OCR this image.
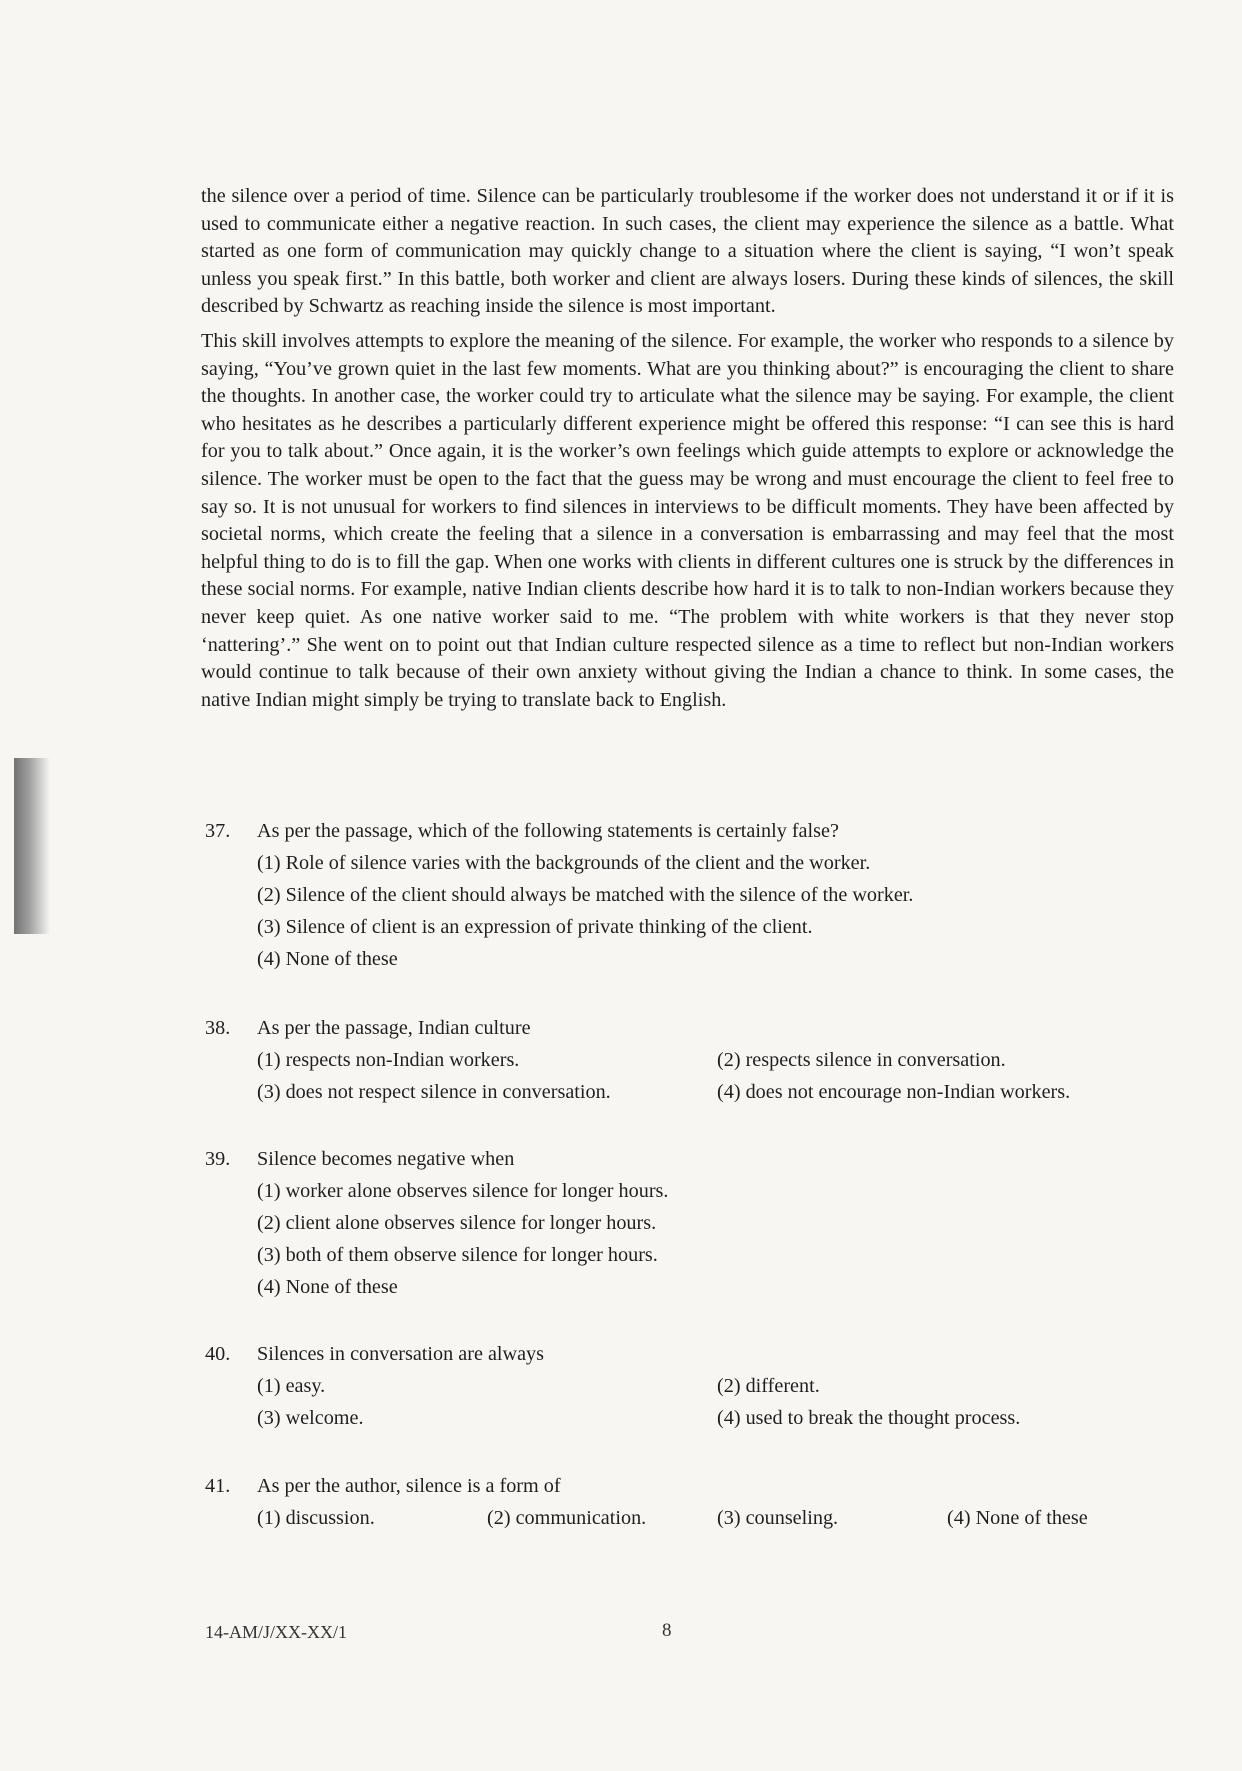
the silence over a period of time. Silence can be particularly troublesome if the worker does not understand it or if it is used to communicate either a negative reaction. In such cases, the client may experience the silence as a battle. What started as one form of communication may quickly change to a situation where the client is saying, “I won’t speak unless you speak first.” In this battle, both worker and client are always losers. During these kinds of silences, the skill described by Schwartz as reaching inside the silence is most important.

This skill involves attempts to explore the meaning of the silence. For example, the worker who responds to a silence by saying, “You’ve grown quiet in the last few moments. What are you thinking about?” is encouraging the client to share the thoughts. In another case, the worker could try to articulate what the silence may be saying. For example, the client who hesitates as he describes a particularly different experience might be offered this response: “I can see this is hard for you to talk about.” Once again, it is the worker’s own feelings which guide attempts to explore or acknowledge the silence. The worker must be open to the fact that the guess may be wrong and must encourage the client to feel free to say so. It is not unusual for workers to find silences in interviews to be difficult moments. They have been affected by societal norms, which create the feeling that a silence in a conversation is embarrassing and may feel that the most helpful thing to do is to fill the gap. When one works with clients in different cultures one is struck by the differences in these social norms. For example, native Indian clients describe how hard it is to talk to non-Indian workers because they never keep quiet. As one native worker said to me. “The problem with white workers is that they never stop ‘nattering’.” She went on to point out that Indian culture respected silence as a time to reflect but non-Indian workers would continue to talk because of their own anxiety without giving the Indian a chance to think. In some cases, the native Indian might simply be trying to translate back to English.

37.	As per the passage, which of the following statements is certainly false?
(1) Role of silence varies with the backgrounds of the client and the worker.
(2) Silence of the client should always be matched with the silence of the worker.
(3) Silence of client is an expression of private thinking of the client.
(4) None of these
38.	As per the passage, Indian culture
(1) respects non-Indian workers.	(2) respects silence in conversation.
(3) does not respect silence in conversation.	(4) does not encourage non-Indian workers.
39.	Silence becomes negative when
(1) worker alone observes silence for longer hours.
(2) client alone observes silence for longer hours.
(3) both of them observe silence for longer hours.
(4) None of these
40.	Silences in conversation are always
(1) easy.	(2) different.
(3) welcome.	(4) used to break the thought process.
41.	As per the author, silence is a form of
(1) discussion.	(2) communication.	(3) counseling.	(4) None of these
14-AM/J/XX-XX/1	8
